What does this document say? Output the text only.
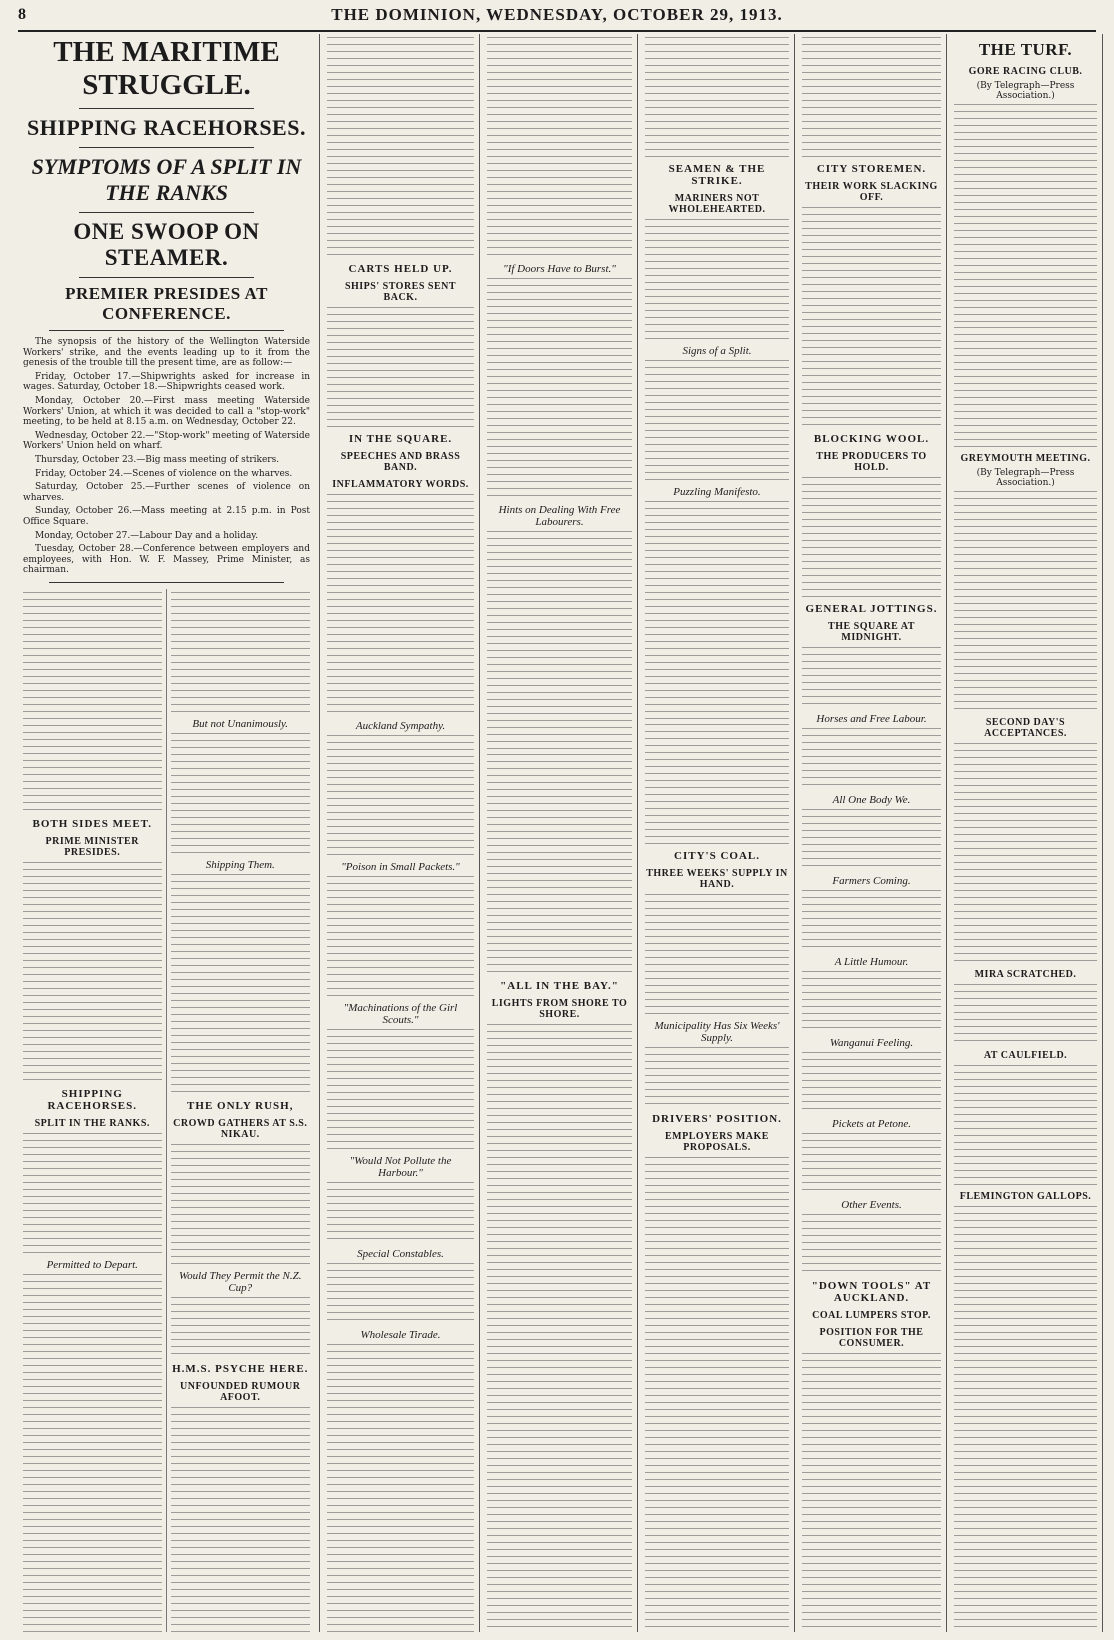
8	THE DOMINION, WEDNESDAY, OCTOBER 29, 1913.
THE MARITIME STRUGGLE.
SHIPPING RACEHORSES.
SYMPTOMS OF A SPLIT IN THE RANKS
ONE SWOOP ON STEAMER.
PREMIER PRESIDES AT CONFERENCE.

The synopsis of the history of the Wellington Waterside Workers' strike, and the events leading up to it from the genesis of the trouble till the present time, are as follow:—

Friday, October 17.—Shipwrights asked for increase in wages. Saturday, October 18.—Shipwrights ceased work.

Monday, October 20.—First mass meeting Waterside Workers' Union, at which it was decided to call a "stop-work" meeting, to be held at 8.15 a.m. on Wednesday, October 22.

Wednesday, October 22.—"Stop-work" meeting of Waterside Workers' Union held on wharf.

Thursday, October 23.—Big mass meeting of strikers.

Friday, October 24.—Scenes of violence on the wharves.

Saturday, October 25.—Further scenes of violence on wharves.

Sunday, October 26.—Mass meeting at 2.15 p.m. in Post Office Square.

Monday, October 27.—Labour Day and a holiday.

Tuesday, October 28.—Conference between employers and employees, with Hon. W. F. Massey, Prime Minister, as chairman.

BOTH SIDES MEET.
PRIME MINISTER PRESIDES.
SHIPPING RACEHORSES.
SPLIT IN THE RANKS.
Permitted to Depart.
But not Unanimously.
Shipping Them.
THE ONLY RUSH,
CROWD GATHERS AT S.S. NIKAU.
Would They Permit the N.Z. Cup?
H.M.S. PSYCHE HERE.
UNFOUNDED RUMOUR AFOOT.
CARTS HELD UP.
SHIPS' STORES SENT BACK.
IN THE SQUARE.
SPEECHES AND BRASS BAND.
INFLAMMATORY WORDS.
Auckland Sympathy.
"Poison in Small Packets."
"Machinations of the Girl Scouts."
"Would Not Pollute the Harbour."
Special Constables.
Wholesale Tirade.
"If Doors Have to Burst."
Hints on Dealing With Free Labourers.
"ALL IN THE BAY."
LIGHTS FROM SHORE TO SHORE.
SEAMEN & THE STRIKE.
MARINERS NOT WHOLEHEARTED.
Signs of a Split.
Puzzling Manifesto.
CITY'S COAL.
THREE WEEKS' SUPPLY IN HAND.
Municipality Has Six Weeks' Supply.
DRIVERS' POSITION.
EMPLOYERS MAKE PROPOSALS.
CITY STOREMEN.
THEIR WORK SLACKING OFF.
BLOCKING WOOL.
THE PRODUCERS TO HOLD.
GENERAL JOTTINGS.
THE SQUARE AT MIDNIGHT.
Horses and Free Labour.
All One Body We.
Farmers Coming.
A Little Humour.
Wanganui Feeling.
Pickets at Petone.
Other Events.
"DOWN TOOLS" AT AUCKLAND.
COAL LUMPERS STOP.
POSITION FOR THE CONSUMER.
THE TURF.
GORE RACING CLUB.
(By Telegraph—Press Association.)
GREYMOUTH MEETING.
(By Telegraph—Press Association.)
SECOND DAY'S ACCEPTANCES.
MIRA SCRATCHED.
AT CAULFIELD.
FLEMINGTON GALLOPS.
